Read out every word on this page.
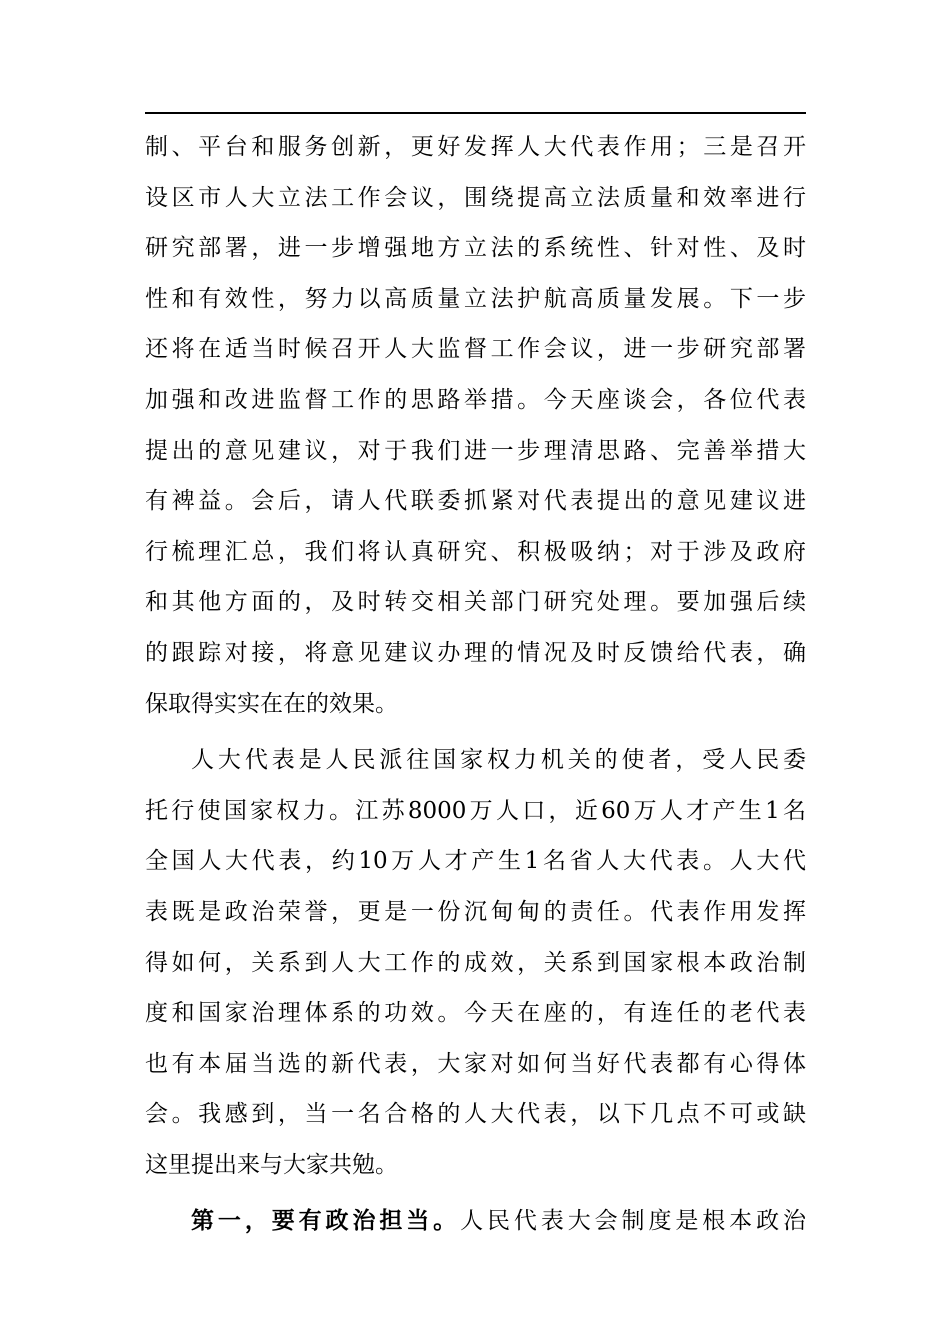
制、平台和服务创新，更好发挥人大代表作用；三是召开
设区市人大立法工作会议，围绕提高立法质量和效率进行
研究部署，进一步增强地方立法的系统性、针对性、及时
性和有效性，努力以高质量立法护航高质量发展。下一步
还将在适当时候召开人大监督工作会议，进一步研究部署
加强和改进监督工作的思路举措。今天座谈会，各位代表
提出的意见建议，对于我们进一步理清思路、完善举措大
有裨益。会后，请人代联委抓紧对代表提出的意见建议进
行梳理汇总，我们将认真研究、积极吸纳；对于涉及政府
和其他方面的，及时转交相关部门研究处理。要加强后续
的跟踪对接，将意见建议办理的情况及时反馈给代表，确
保取得实实在在的效果。
人大代表是人民派往国家权力机关的使者，受人民委
托行使国家权力。江苏8000万人口，近60万人才产生1名
全国人大代表，约10万人才产生1名省人大代表。人大代
表既是政治荣誉，更是一份沉甸甸的责任。代表作用发挥
得如何，关系到人大工作的成效，关系到国家根本政治制
度和国家治理体系的功效。今天在座的，有连任的老代表
也有本届当选的新代表，大家对如何当好代表都有心得体
会。我感到，当一名合格的人大代表，以下几点不可或缺
这里提出来与大家共勉。
第一，要有政治担当。人民代表大会制度是根本政治
